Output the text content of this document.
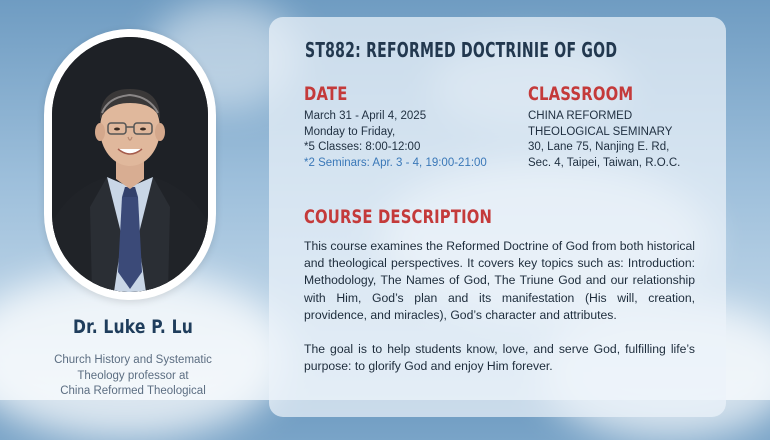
Dr. Luke P. Lu
Church History and Systematic
Theology professor at
China Reformed Theological
ST882: REFORMED DOCTRINIE OF GOD
DATE
March 31 - April 4, 2025
Monday to Friday,
*5 Classes: 8:00-12:00
*2 Seminars: Apr. 3 - 4, 19:00-21:00
CLASSROOM
CHINA REFORMED
THEOLOGICAL SEMINARY
30, Lane 75, Nanjing E. Rd,
Sec. 4, Taipei, Taiwan, R.O.C.
COURSE DESCRIPTION

This course examines the Reformed Doctrine of God from both historical and theological perspectives. It covers key topics such as: Introduction: Methodology, The Names of God, The Triune God and our relationship with Him, God’s plan and its manifestation (His will, creation, providence, and miracles), God’s character and attributes.

The goal is to help students know, love, and serve God, fulfilling life’s purpose: to glorify God and enjoy Him forever.
